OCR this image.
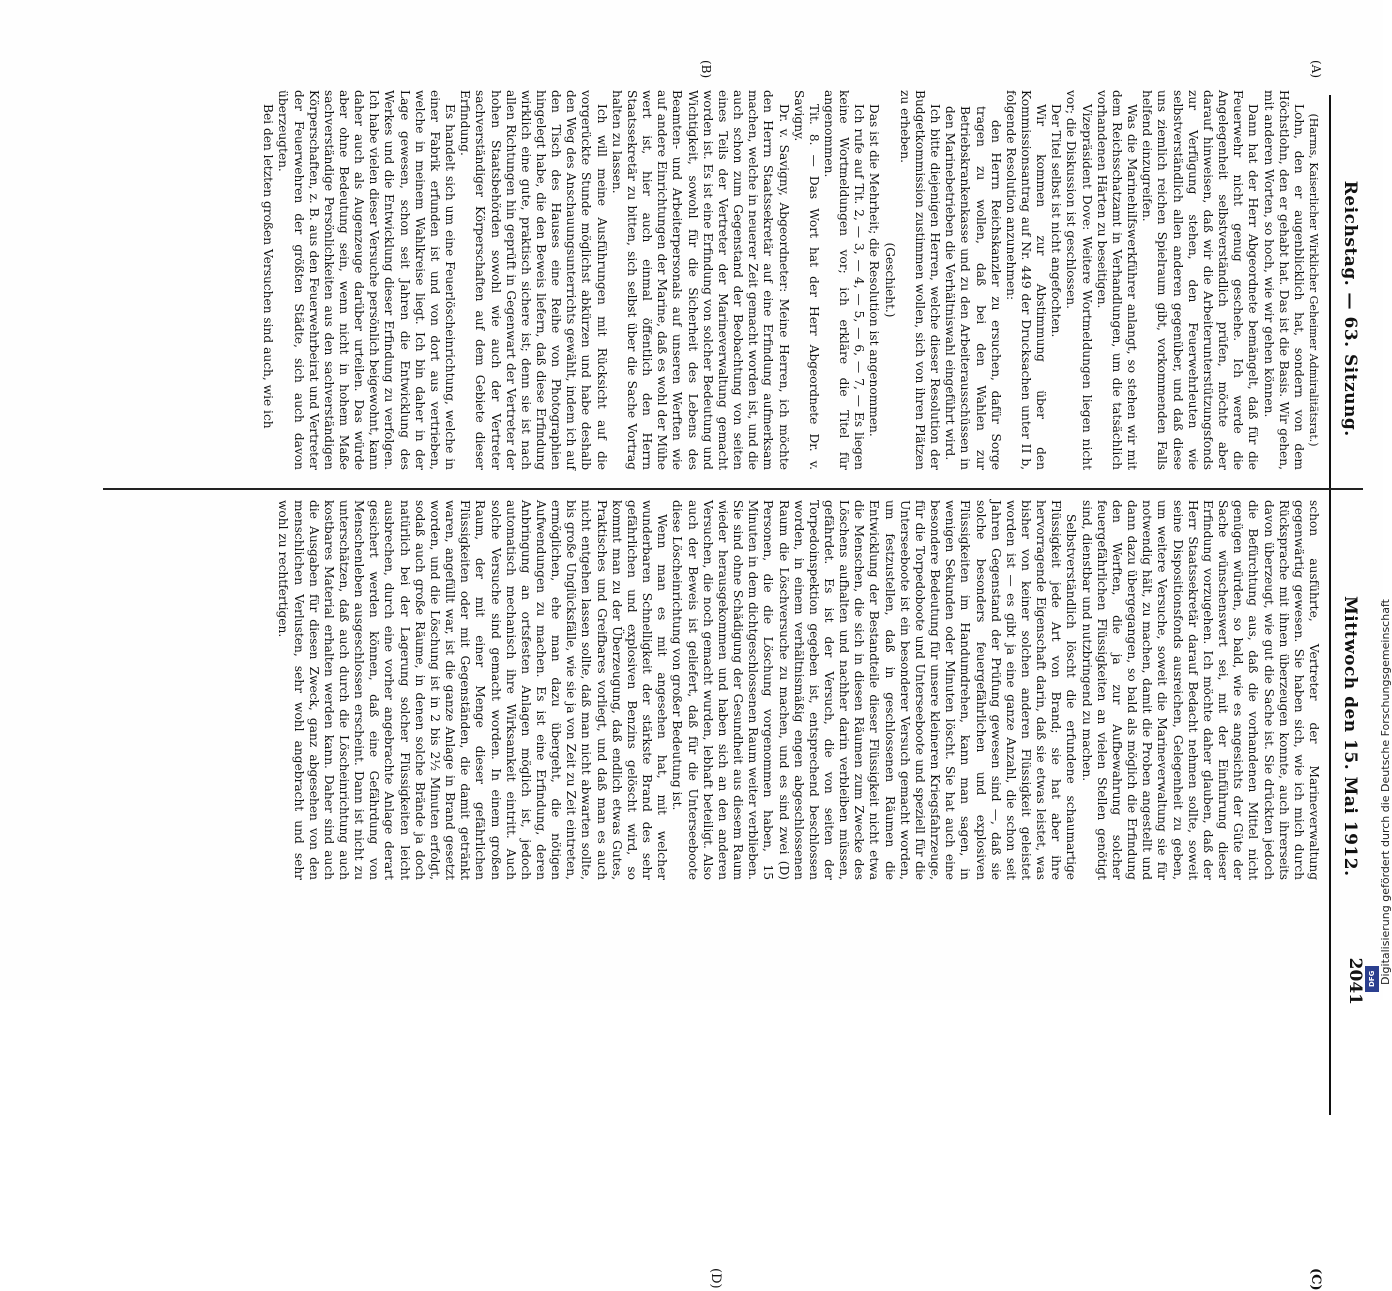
Reichstag. — 63. Sitzung.
Mittwoch den 15. Mai 1912.
2041
(A)
(B)
(C)
(D)

(Harms, Kaiserlicher Wirklicher Geheimer Admiralitätsrat.)

Lohn, den er augenblicklich hat, sondern von dem Höchstlohn, den er gehabt hat. Das ist die Basis. Wir gehen, mit anderen Worten, so hoch, wie wir gehen können.

Dann hat der Herr Abgeordnete bemängelt, daß für die Feuerwehr nicht genug geschehe. Ich werde die Angelegenheit selbstverständlich prüfen, möchte aber darauf hinweisen, daß wir die Arbeiterunterstützungsfonds zur Verfügung stehen, den Feuerwehrleuten wie selbstverständlich allen anderen gegenüber, und daß diese uns ziemlich reichen Spielraum gibt, vorkommenden Falls helfend einzugreifen.

Was die Marinehilfswerkführer anlangt, so stehen wir mit dem Reichsschatzamt in Verhandlungen, um die tatsächlich vorhandenen Härten zu beseitigen.

Vizepräsident Dove: Weitere Wortmeldungen liegen nicht vor; die Diskussion ist geschlossen.

Der Titel selbst ist nicht angefochten.

Wir kommen zur Abstimmung über den Kommissionsantrag auf Nr. 449 der Drucksachen unter II b, folgende Resolution anzunehmen:

den Herrn Reichskanzler zu ersuchen, dafür Sorge tragen zu wollen, daß bei den Wahlen zur Betriebskrankenkasse und zu den Arbeiterausschüssen in den Marinebetrieben die Verhältniswahl eingeführt wird.

Ich bitte diejenigen Herren, welche dieser Resolution der Budgetkommission zustimmen wollen, sich von ihren Plätzen zu erheben.

(Geschieht.)

Das ist die Mehrheit; die Resolution ist angenommen.

Ich rufe auf Tit. 2, — 3, — 4, — 5, — 6, — 7, — Es liegen keine Wortmeldungen vor; ich erkläre die Titel für angenommen.

Tit. 8. — Das Wort hat der Herr Abgeordnete Dr. v. Savigny.

Dr. v. Savigny, Abgeordneter: Meine Herren, ich möchte den Herrn Staatssekretär auf eine Erfindung aufmerksam machen, welche in neuerer Zeit gemacht worden ist, und die auch schon zum Gegenstand der Beobachtung von seiten eines Teils der Vertreter der Marineverwaltung gemacht worden ist. Es ist eine Erfindung von solcher Bedeutung und Wichtigkeit, sowohl für die Sicherheit des Lebens des Beamten- und Arbeiterpersonals auf unseren Werften wie auf andere Einrichtungen der Marine, daß es wohl der Mühe wert ist, hier auch einmal öffentlich den Herrn Staatssekretär zu bitten, sich selbst über die Sache Vortrag halten zu lassen.

Ich will meine Ausführungen mit Rücksicht auf die vorgerückte Stunde möglichst abkürzen und habe deshalb den Weg des Anschauungsunterrichts gewählt, indem ich auf den Tisch des Hauses eine Reihe von Photographien hingelegt habe, die den Beweis liefern, daß diese Erfindung wirklich eine gute, praktisch sichere ist; denn sie ist nach allen Richtungen hin geprüft in Gegenwart der Vertreter der hohen Staatsbehörden sowohl wie auch der Vertreter sachverständiger Körperschaften auf dem Gebiete dieser Erfindung.

Es handelt sich um eine Feuerlöscheinrichtung, welche in einer Fabrik erfunden ist und von dort aus vertrieben, welche in meinem Wahlkreise liegt. Ich bin daher in der Lage gewesen, schon seit Jahren die Entwicklung des Werkes und die Entwicklung dieser Erfindung zu verfolgen. Ich habe vielen dieser Versuche persönlich beigewohnt, kann daher auch als Augenzeuge darüber urteilen. Das würde aber ohne Bedeutung sein, wenn nicht in hohem Maße sachverständige Persönlichkeiten aus den sachverständigen Körperschaften, z. B. aus den Feuerwehrbeirat und Vertreter der Feuerwehren der größten Städte, sich auch davon überzeugten.

Bei den letzten großen Versuchen sind auch, wie ich

schon ausführte, Vertreter der Marineverwaltung gegenwärtig gewesen. Sie haben sich, wie ich mich durch Rücksprache mit ihnen überzeugen konnte, auch ihrerseits davon überzeugt, wie gut die Sache ist. Sie drückten jedoch die Befürchtung aus, daß die vorhandenen Mittel nicht genügen würden, so bald, wie es angesichts der Güte der Sache wünschenswert sei, mit der Einführung dieser Erfindung vorzugehen. Ich möchte daher glauben, daß der Herr Staatssekretär darauf Bedacht nehmen sollte, soweit seine Dispositionsfonds ausreichen, Gelegenheit zu geben, um weitere Versuche, soweit die Marineverwaltung sie für notwendig hält, zu machen, damit die Proben angestellt und dann dazu übergegangen, so bald als möglich die Erfindung den Werften, die ja zur Aufbewahrung solcher feuergefährlichen Flüssigkeiten an vielen Stellen genötigt sind, dienstbar und nutzbringend zu machen.

Selbstverständlich löscht die erfundene schaumartige Flüssigkeit jede Art von Brand; sie hat aber ihre hervorragende Eigenschaft darin, daß sie etwas leistet, was bisher von keiner solchen anderen Flüssigkeit geleistet worden ist — es gibt ja eine ganze Anzahl, die schon seit Jahren Gegenstand der Prüfung gewesen sind —, daß sie solche besonders feuergefährlichen und explosiven Flüssigkeiten im Handumdrehen, kann man sagen, in wenigen Sekunden oder Minuten löscht. Sie hat auch eine besondere Bedeutung für unsere kleineren Kriegsfahrzeuge, für die Torpedoboote und Unterseeboote und speziell für die Unterseeboote ist ein besonderer Versuch gemacht worden, um festzustellen, daß in geschlossenen Räumen die Entwicklung der Bestandteile dieser Flüssigkeit nicht etwa die Menschen, die sich in diesen Räumen zum Zwecke des Löschens aufhalten und nachher darin verbleiben müssen, gefährdet. Es ist der Versuch, die von seiten der Torpedoinspektion gegeben ist, entsprechend beschlossen worden, in einem verhältnismäßig engen abgeschlossenen Raum die Löschversuche zu machen, und es sind zwei (D) Personen, die die Löschung vorgenommen haben, 15 Minuten in dem dichtgeschlossenen Raum weiter verblieben. Sie sind ohne Schädigung der Gesundheit aus diesem Raum wieder herausgekommen und haben sich an den anderen Versuchen, die noch gemacht wurden, lebhaft beteiligt. Also auch der Beweis ist geliefert, daß für die Unterseeboote diese Löscheinrichtung von großer Bedeutung ist.

Wenn man es mit angesehen hat, mit welcher wunderbaren Schnelligkeit der stärkste Brand des sehr gefährlichen und explosiven Benzins gelöscht wird, so kommt man zu der Überzeugung, daß endlich etwas Gutes, Praktisches und Greifbares vorliegt, und daß man es auch nicht entgehen lassen sollte, daß man nicht abwarten sollte, bis große Unglücksfälle, wie sie ja von Zeit zu Zeit eintreten, ermöglichen, ehe man dazu übergeht, die nötigen Aufwendungen zu machen. Es ist eine Erfindung, deren Anbringung an ortsfesten Anlagen möglich ist, jedoch automatisch mechanisch ihre Wirksamkeit eintritt. Auch solche Versuche sind gemacht worden. In einem großen Raum, der mit einer Menge dieser gefährlichen Flüssigkeiten oder mit Gegenständen, die damit getränkt waren, angefüllt war, ist die ganze Anlage in Brand gesetzt worden, und die Löschung ist in 2 bis 2½ Minuten erfolgt, sodaß auch große Räume, in denen solche Brände ja doch natürlich bei der Lagerung solcher Flüssigkeiten leicht ausbrechen, durch eine vorher angebrachte Anlage derart gesichert werden können, daß eine Gefährdung von Menschenleben ausgeschlossen erscheint. Dann ist nicht zu unterschätzen, daß auch durch die Löscheinrichtung auch kostbares Material erhalten werden kann. Daher sind auch die Ausgaben für diesen Zweck, ganz abgesehen von den menschlichen Verlusten, sehr wohl angebracht und sehr wohl zu rechtfertigen.

Digitalisierung gefördert durch die Deutsche Forschungsgemeinschaft
DFG
